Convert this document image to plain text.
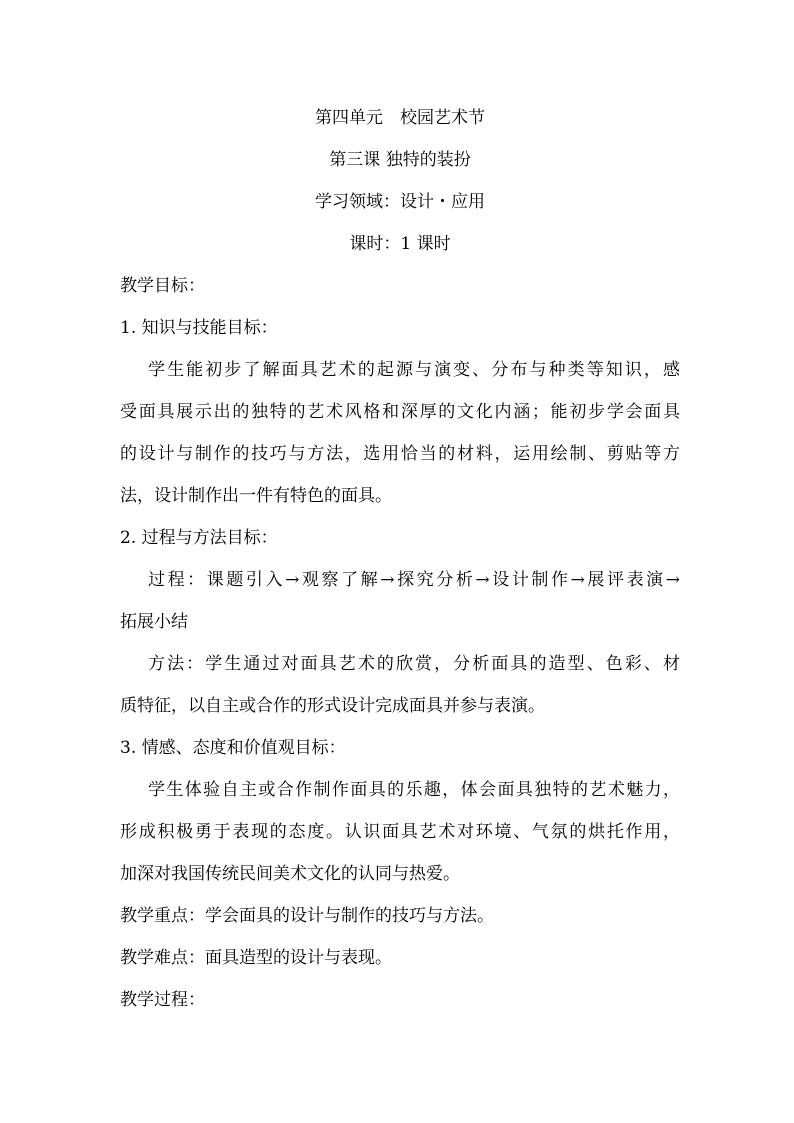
第四单元　校园艺术节
第三课 独特的装扮
学习领域：设计・应用
课时：1 课时
教学目标：
1. 知识与技能目标：
学生能初步了解面具艺术的起源与演变、分布与种类等知识，感
受面具展示出的独特的艺术风格和深厚的文化内涵；能初步学会面具
的设计与制作的技巧与方法，选用恰当的材料，运用绘制、剪贴等方
法，设计制作出一件有特色的面具。
2. 过程与方法目标：
过程：课题引入→观察了解→探究分析→设计制作→展评表演→
拓展小结
方法：学生通过对面具艺术的欣赏，分析面具的造型、色彩、材
质特征，以自主或合作的形式设计完成面具并参与表演。
3. 情感、态度和价值观目标：
学生体验自主或合作制作面具的乐趣，体会面具独特的艺术魅力，
形成积极勇于表现的态度。认识面具艺术对环境、气氛的烘托作用，
加深对我国传统民间美术文化的认同与热爱。
教学重点：学会面具的设计与制作的技巧与方法。
教学难点：面具造型的设计与表现。
教学过程：
